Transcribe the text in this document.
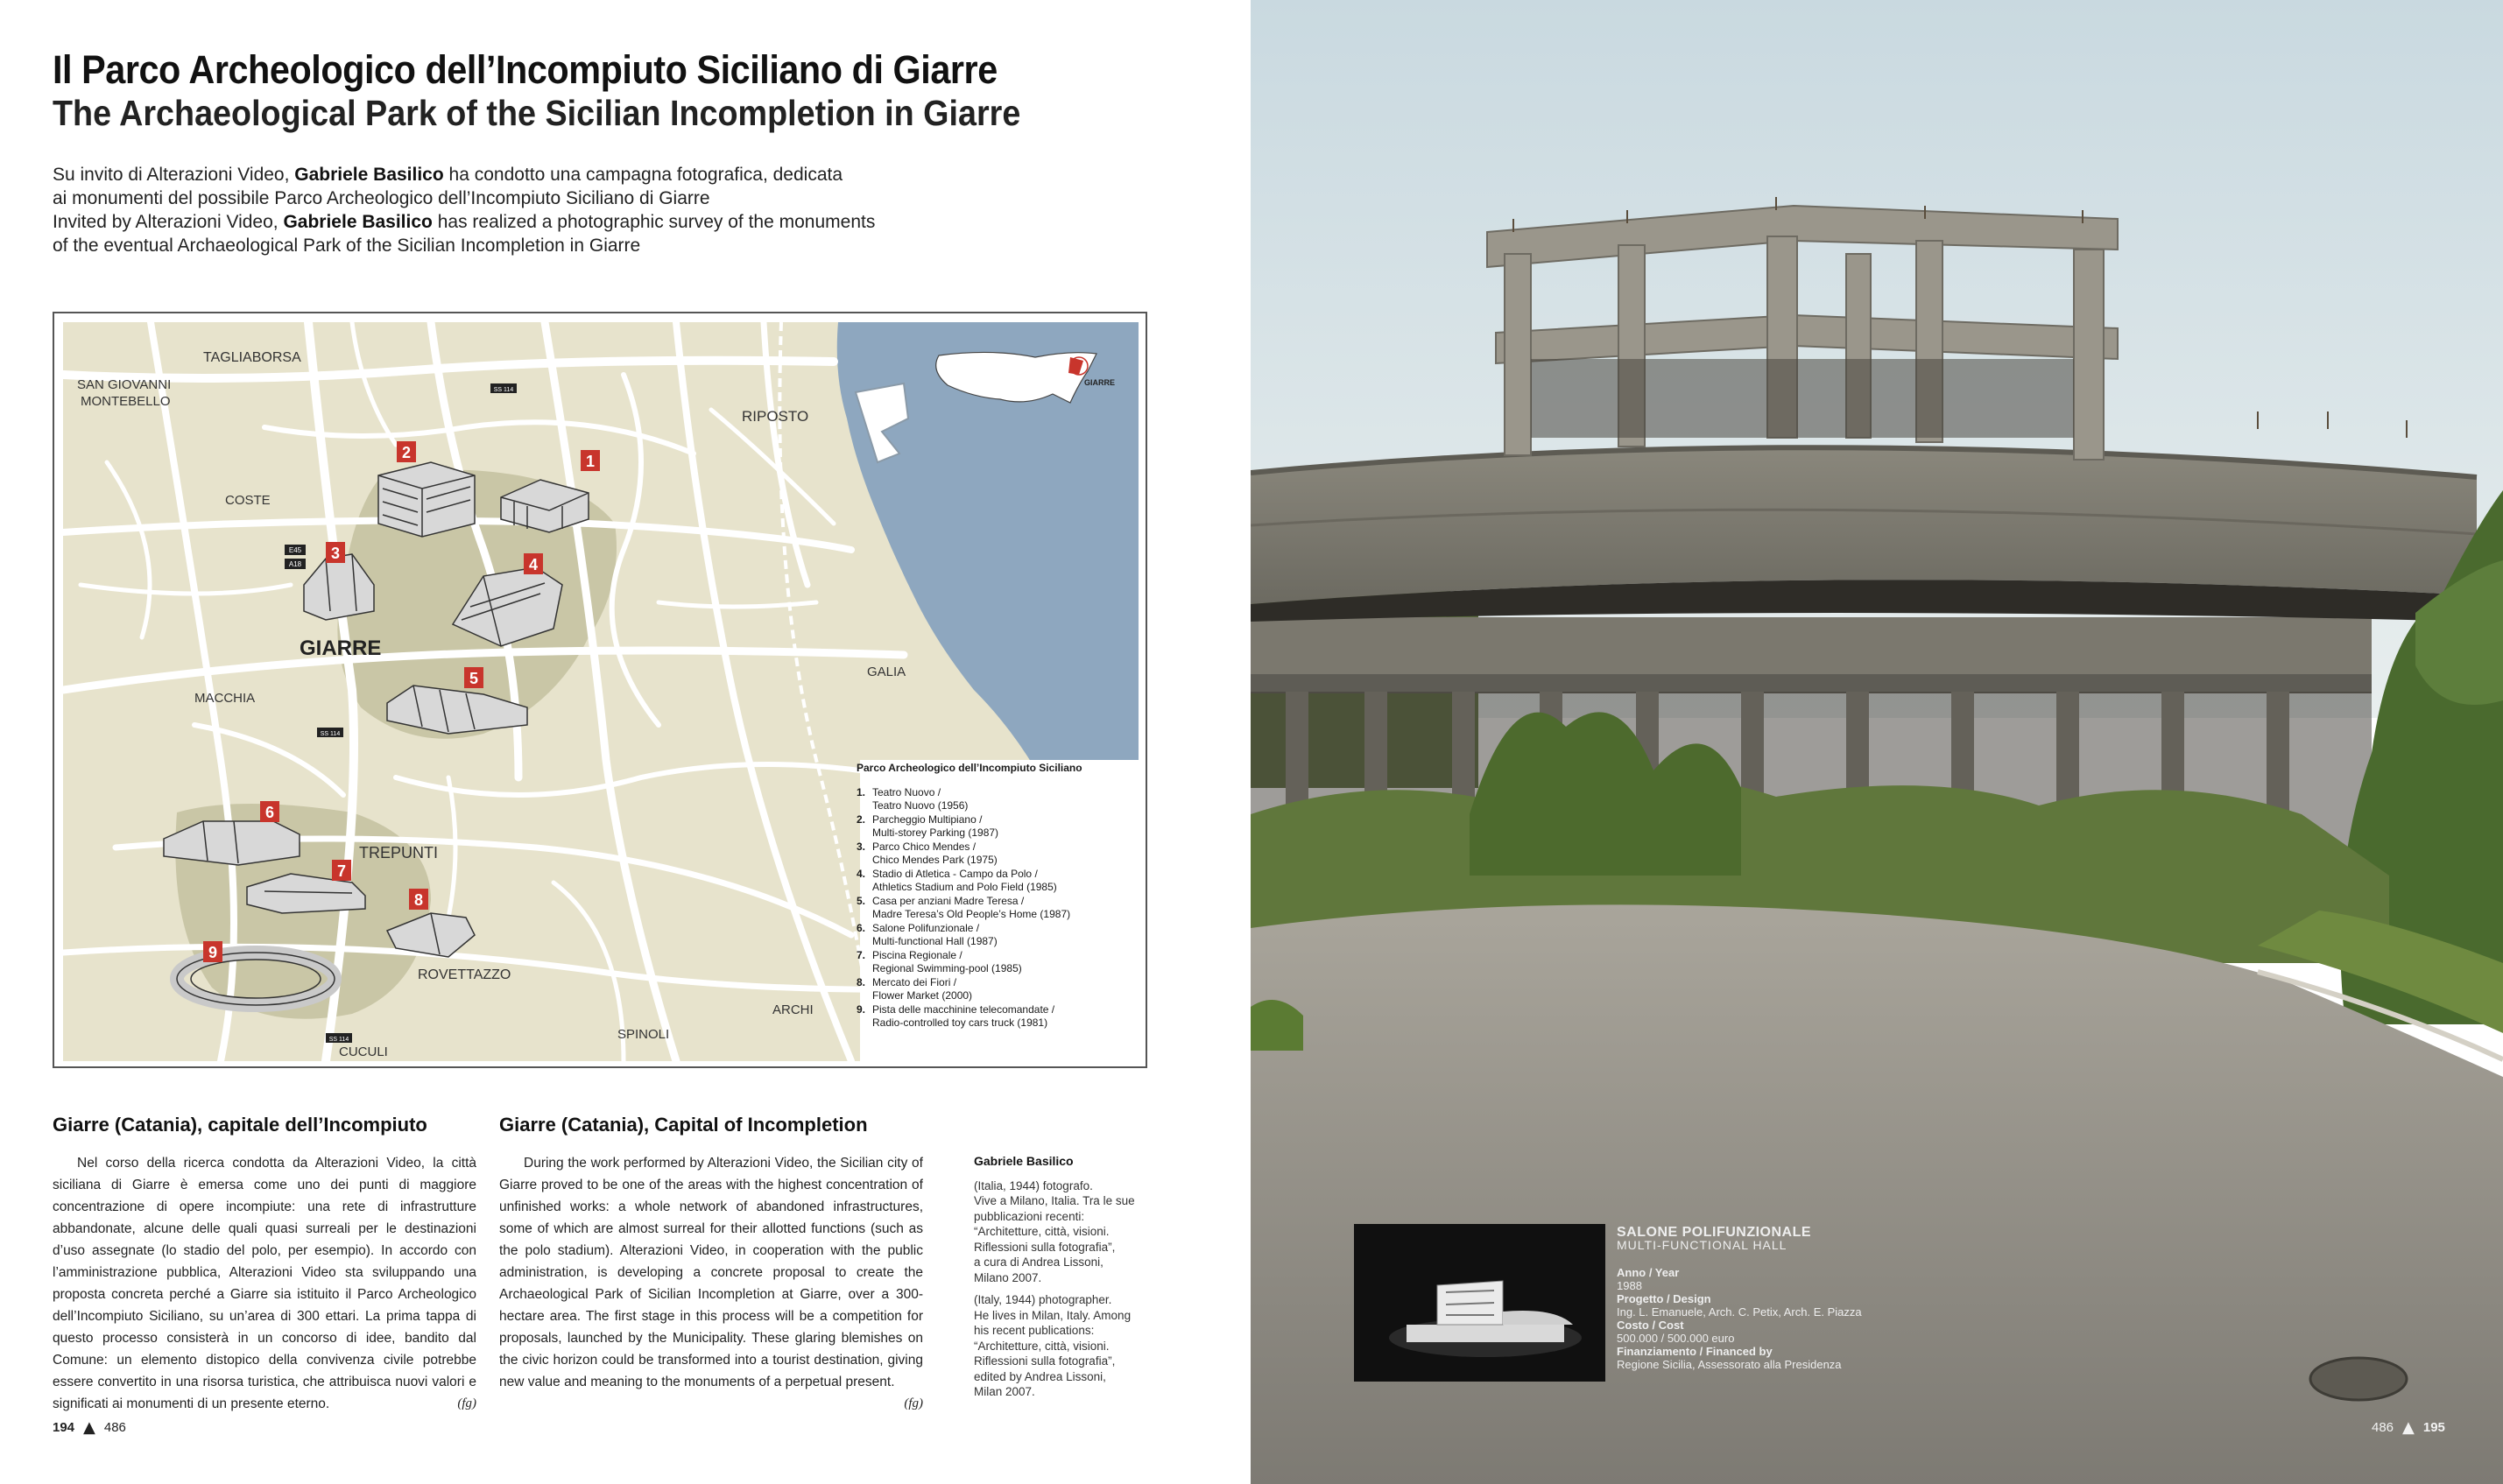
Il Parco Archeologico dell’Incompiuto Siciliano di Giarre
The Archaeological Park of the Sicilian Incompletion in Giarre

Su invito di Alterazioni Video, Gabriele Basilico ha condotto una campagna fotografica, dedicata

ai monumenti del possibile Parco Archeologico dell’Incompiuto Siciliano di Giarre

Invited by Alterazioni Video, Gabriele Basilico has realized a photographic survey of the monuments

of the eventual Archaeological Park of the Sicilian Incompletion in Giarre

GIARRE
TAGLIABORSA
SAN GIOVANNI
MONTEBELLO
COSTE
GIARRE
MACCHIA
RIPOSTO
GALIA
TREPUNTI
ROVETTAZZO
ARCHI
SPINOLI
CUCULI
E45
A18
SS 114
SS 114
SS 114
1
2
3
4
5
6
7
8
9
Parco Archeologico dell’Incompiuto Siciliano
1. Teatro Nuovo /
Teatro Nuovo (1956)
2. Parcheggio Multipiano /
Multi-storey Parking (1987)
3. Parco Chico Mendes /
Chico Mendes Park (1975)
4. Stadio di Atletica - Campo da Polo /
Athletics Stadium and Polo Field (1985)
5. Casa per anziani Madre Teresa /
Madre Teresa’s Old People’s Home (1987)
6. Salone Polifunzionale /
Multi-functional Hall (1987)
7. Piscina Regionale /
Regional Swimming-pool (1985)
8. Mercato dei Fiori /
Flower Market (2000)
9. Pista delle macchinine telecomandate /
Radio-controlled toy cars truck (1981)
Giarre (Catania), capitale dell’Incompiuto	Giarre (Catania), Capital of Incompletion

Nel corso della ricerca condotta da Alterazioni Video, la città siciliana di Giarre è emersa come uno dei punti di maggiore concentrazione di opere incompiute: una rete di infrastrutture abbandonate, alcune delle quali quasi surreali per le destinazioni d’uso assegnate (lo stadio del polo, per esempio). In accordo con l’amministrazione pubblica, Alterazioni Video sta sviluppando una proposta concreta perché a Giarre sia istituito il Parco Archeologico dell’Incompiuto Siciliano, su un’area di 300 ettari. La prima tappa di questo processo consisterà in un concorso di idee, bandito dal Comune: un elemento distopico della convivenza civile potrebbe essere convertito in una risorsa turistica, che attribuisca nuovi valori e significati ai monumenti di un presente eterno.	(fg)

During the work performed by Alterazioni Video, the Sicilian city of Giarre proved to be one of the areas with the highest concentration of unfinished works: a whole network of abandoned infrastructures, some of which are almost surreal for their allotted functions (such as the polo stadium). Alterazioni Video, in cooperation with the public administration, is developing a concrete proposal to create the Archaeological Park of Sicilian Incompletion at Giarre, over a 300-hectare area. The first stage in this process will be a competition for proposals, launched by the Municipality. These glaring blemishes on the civic horizon could be transformed into a tourist destination, giving new value and meaning to the monuments of a perpetual present.
(fg)

Gabriele Basilico

(Italia, 1944) fotografo.
Vive a Milano, Italia. Tra le sue
pubblicazioni recenti:
“Architetture, città, visioni.
Riflessioni sulla fotografia”,
a cura di Andrea Lissoni,
Milano 2007.

(Italy, 1944) photographer.
He lives in Milan, Italy. Among
his recent publications:
“Architetture, città, visioni.
Riflessioni sulla fotografia”,
edited by Andrea Lissoni,
Milan 2007.

194 ▲ 486
SALONE POLIFUNZIONALE
MULTI-FUNCTIONAL HALL
Anno / Year
1988
Progetto / Design
Ing. L. Emanuele, Arch. C. Petix, Arch. E. Piazza
Costo / Cost
500.000 / 500.000 euro
Finanziamento / Financed by
Regione Sicilia, Assessorato alla Presidenza
486 ▲ 195
